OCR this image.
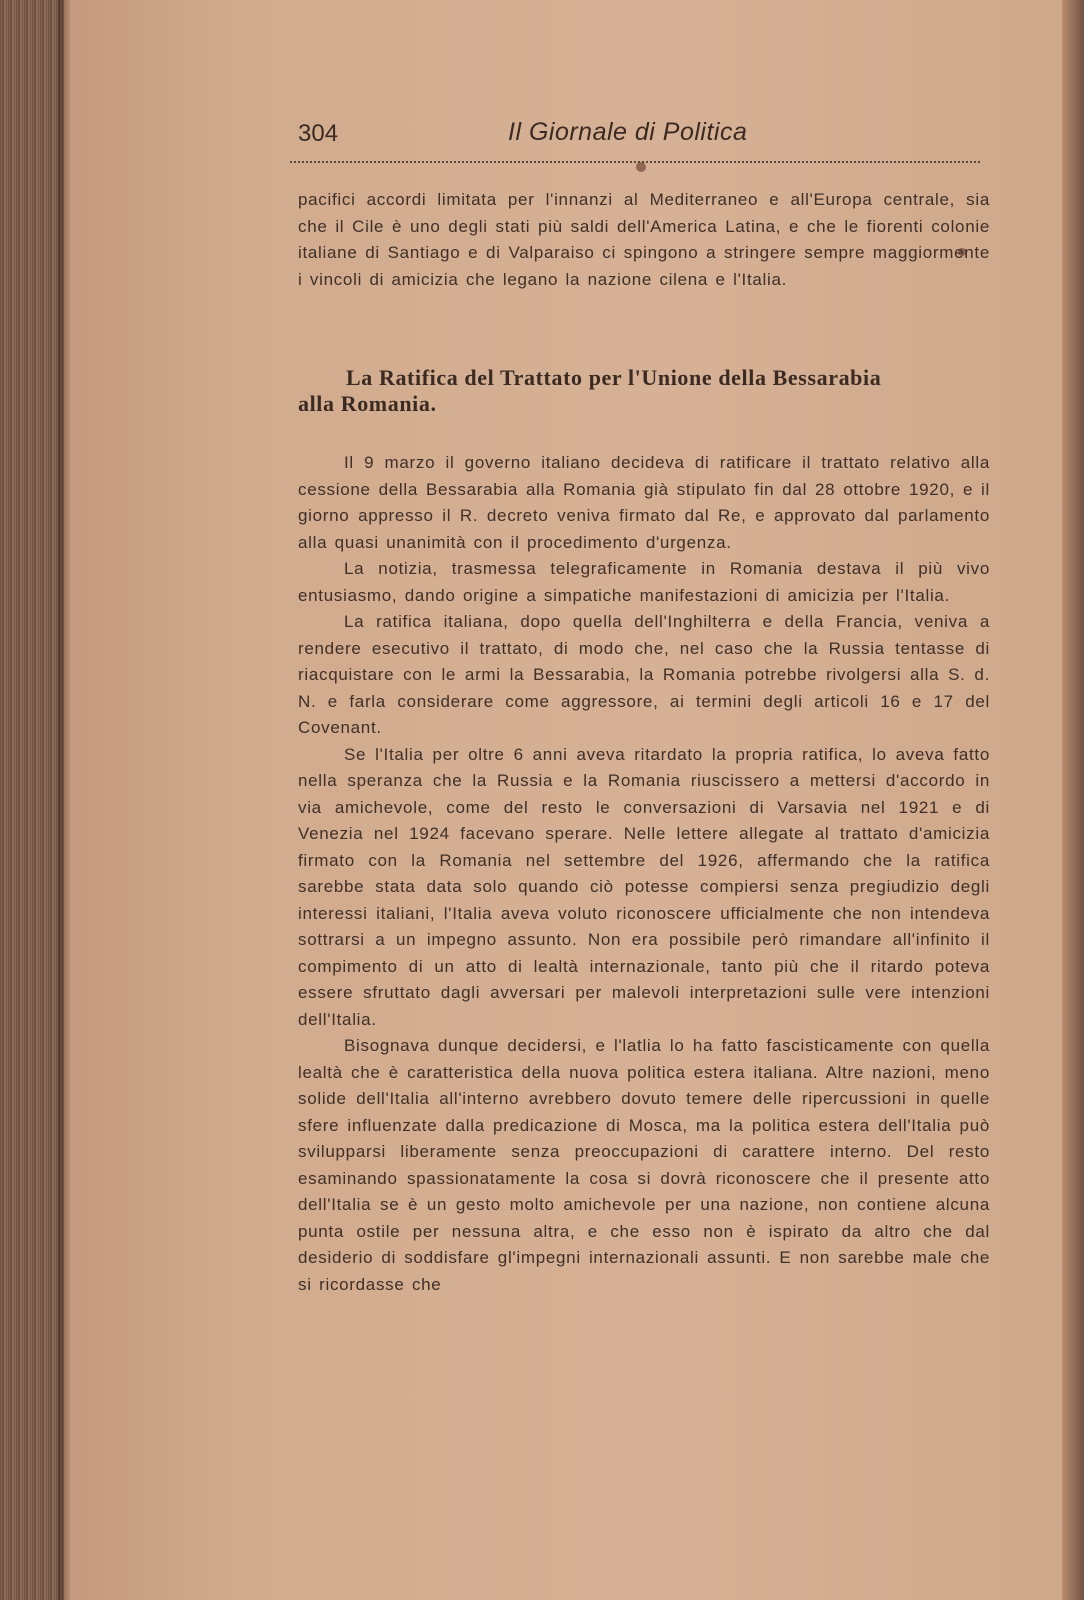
304	Il Giornale di Politica

pacifici accordi limitata per l'innanzi al Mediterraneo e all'Europa centrale, sia che il Cile è uno degli stati più saldi dell'America Latina, e che le fiorenti colonie italiane di Santiago e di Valparaiso ci spingono a stringere sempre maggiormente i vincoli di amicizia che legano la nazione cilena e l'Italia.

La Ratifica del Trattato per l'Unione della Bessarabia
alla Romania.

Il 9 marzo il governo italiano decideva di ratificare il trattato relativo alla cessione della Bessarabia alla Romania già stipulato fin dal 28 ottobre 1920, e il giorno appresso il R. decreto veniva firmato dal Re, e approvato dal parlamento alla quasi unanimità con il procedimento d'urgenza.

La notizia, trasmessa telegraficamente in Romania destava il più vivo entusiasmo, dando origine a simpatiche manifestazioni di amicizia per l'Italia.

La ratifica italiana, dopo quella dell'Inghilterra e della Francia, veniva a rendere esecutivo il trattato, di modo che, nel caso che la Russia tentasse di riacquistare con le armi la Bessarabia, la Romania potrebbe rivolgersi alla S. d. N. e farla considerare come aggressore, ai termini degli articoli 16 e 17 del Covenant.

Se l'Italia per oltre 6 anni aveva ritardato la propria ratifica, lo aveva fatto nella speranza che la Russia e la Romania riuscissero a mettersi d'accordo in via amichevole, come del resto le conversazioni di Varsavia nel 1921 e di Venezia nel 1924 facevano sperare. Nelle lettere allegate al trattato d'amicizia firmato con la Romania nel settembre del 1926, affermando che la ratifica sarebbe stata data solo quando ciò potesse compiersi senza pregiudizio degli interessi italiani, l'Italia aveva voluto riconoscere ufficialmente che non intendeva sottrarsi a un impegno assunto. Non era possibile però rimandare all'infinito il compimento di un atto di lealtà internazionale, tanto più che il ritardo poteva essere sfruttato dagli avversari per malevoli interpretazioni sulle vere intenzioni dell'Italia.

Bisognava dunque decidersi, e l'latlia lo ha fatto fascisticamente con quella lealtà che è caratteristica della nuova politica estera italiana. Altre nazioni, meno solide dell'Italia all'interno avrebbero dovuto temere delle ripercussioni in quelle sfere influenzate dalla predicazione di Mosca, ma la politica estera dell'Italia può svilupparsi liberamente senza preoccupazioni di carattere interno. Del resto esaminando spassionatamente la cosa si dovrà riconoscere che il presente atto dell'Italia se è un gesto molto amichevole per una nazione, non contiene alcuna punta ostile per nessuna altra, e che esso non è ispirato da altro che dal desiderio di soddisfare gl'impegni internazionali assunti. E non sarebbe male che si ricordasse che
